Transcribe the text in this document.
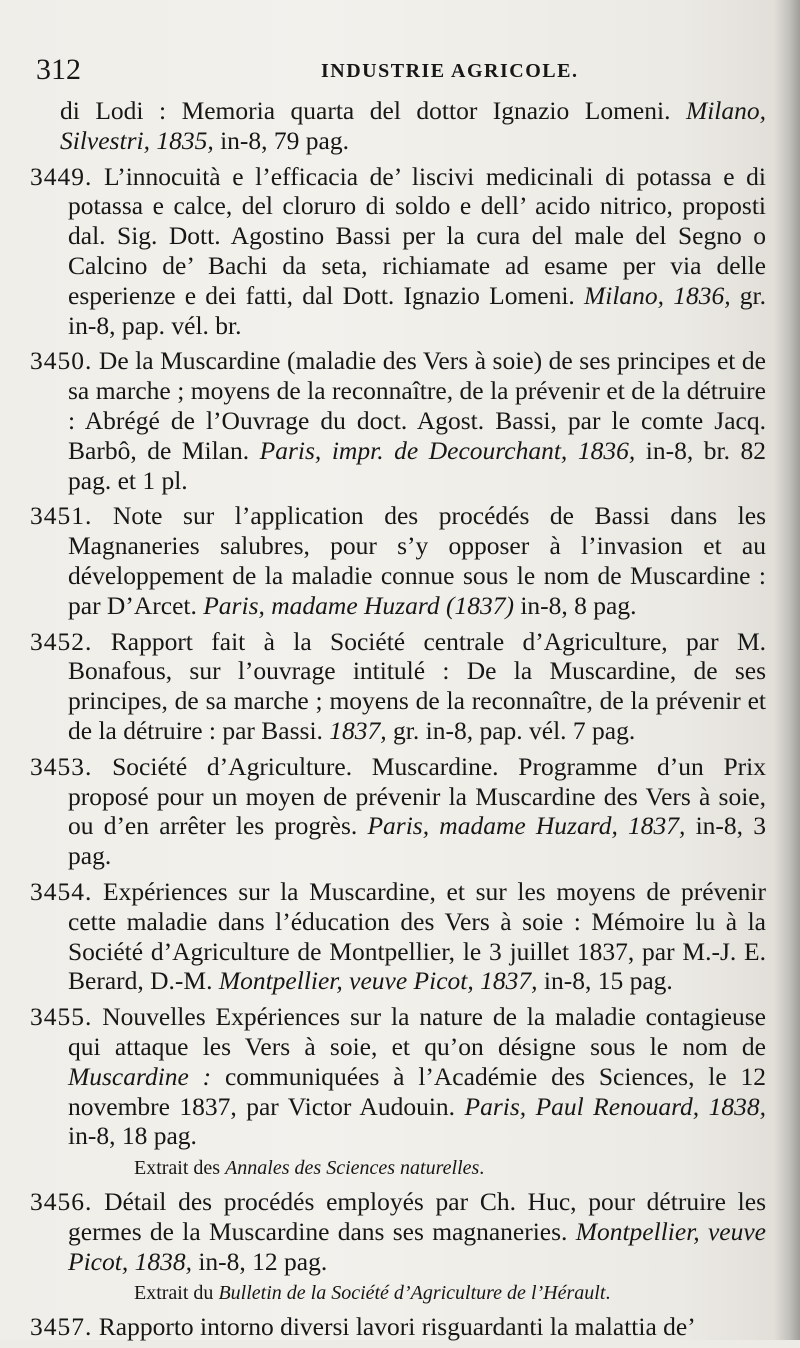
312	INDUSTRIE AGRICOLE.

di Lodi : Memoria quarta del dottor Ignazio Lomeni. Milano, Silvestri, 1835, in-8, 79 pag.

3449. L’innocuità e l’efficacia de’ liscivi medicinali di potassa e di potassa e calce, del cloruro di soldo e dell’ acido nitrico, proposti dal. Sig. Dott. Agostino Bassi per la cura del male del Segno o Calcino de’ Bachi da seta, richiamate ad esame per via delle esperienze e dei fatti, dal Dott. Ignazio Lomeni. Milano, 1836, gr. in-8, pap. vél. br.

3450. De la Muscardine (maladie des Vers à soie) de ses principes et de sa marche ; moyens de la reconnaître, de la prévenir et de la détruire : Abrégé de l’Ouvrage du doct. Agost. Bassi, par le comte Jacq. Barbô, de Milan. Paris, impr. de Decourchant, 1836, in-8, br. 82 pag. et 1 pl.

3451. Note sur l’application des procédés de Bassi dans les Magnaneries salubres, pour s’y opposer à l’invasion et au développement de la maladie connue sous le nom de Muscardine : par D’Arcet. Paris, madame Huzard (1837) in-8, 8 pag.

3452. Rapport fait à la Société centrale d’Agriculture, par M. Bonafous, sur l’ouvrage intitulé : De la Muscardine, de ses principes, de sa marche ; moyens de la reconnaître, de la prévenir et de la détruire : par Bassi. 1837, gr. in-8, pap. vél. 7 pag.

3453. Société d’Agriculture. Muscardine. Programme d’un Prix proposé pour un moyen de prévenir la Muscardine des Vers à soie, ou d’en arrêter les progrès. Paris, madame Huzard, 1837, in-8, 3 pag.

3454. Expériences sur la Muscardine, et sur les moyens de prévenir cette maladie dans l’éducation des Vers à soie : Mémoire lu à la Société d’Agriculture de Montpellier, le 3 juillet 1837, par M.-J. E. Berard, D.-M. Montpellier, veuve Picot, 1837, in-8, 15 pag.

3455. Nouvelles Expériences sur la nature de la maladie contagieuse qui attaque les Vers à soie, et qu’on désigne sous le nom de Muscardine : communiquées à l’Académie des Sciences, le 12 novembre 1837, par Victor Audouin. Paris, Paul Renouard, 1838, in-8, 18 pag.

Extrait des Annales des Sciences naturelles.

3456. Détail des procédés employés par Ch. Huc, pour détruire les germes de la Muscardine dans ses magnaneries. Montpellier, veuve Picot, 1838, in-8, 12 pag.

Extrait du Bulletin de la Société d’Agriculture de l’Hérault.

3457. Rapporto intorno diversi lavori risguardanti la malattia de’
